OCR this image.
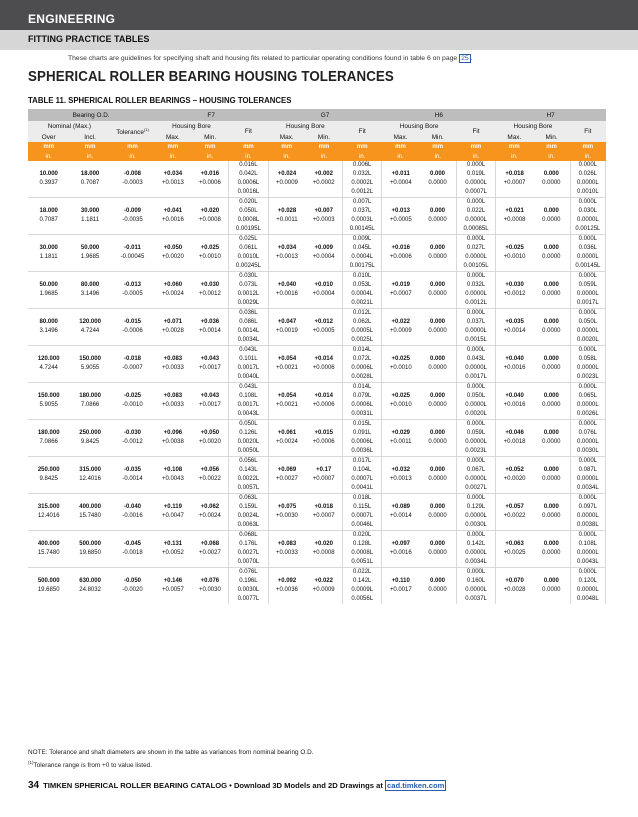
ENGINEERING
FITTING PRACTICE TABLES
These charts are guidelines for specifying shaft and housing fits related to particular operating conditions found in table 6 on page 25 .
SPHERICAL ROLLER BEARING HOUSING TOLERANCES
TABLE 11. SPHERICAL ROLLER BEARINGS – HOUSING TOLERANCES
Bearing O.D.			F7			G7			H6			H7		
Nominal (Max.)		Tolerance$^{(1)}$	Housing Bore		Fit	Housing Bore		Fit	Housing Bore		Fit	Housing Bore		Fit
Over	Incl.		Max.	Min.		Max.	Min.		Max.	Min.		Max.	Min.	
mm	mm	mm	mm	mm	mm	mm	mm	mm	mm	mm	mm	mm	mm	mm
in.	in.	in.	in.	in.	in.	in.	in.	in.	in.	in.	in.	in.	in.	in.
					0.016L			0.006L			0.000L			0.000L
10.000	18.000	-0.008	+0.034	+0.016	0.042L	+0.024	+0.002	0.032L	+0.011	0.000	0.019L	+0.018	0.000	0.026L
0.3937	0.7087	-0.0003	+0.0013	+0.0006	0.0006L	+0.0009	+0.0002	0.0002L	+0.0004	0.0000	0.0000L	+0.0007	0.0000	0.0000L
					0.0016L			0.0012L			0.0007L			0.0010L
					0.020L			0.007L			0.000L			0.000L
18.000	30.000	-0.009	+0.041	+0.020	0.050L	+0.028	+0.007	0.037L	+0.013	0.000	0.022L	+0.021	0.000	0.030L
0.7087	1.1811	-0.0035	+0.0016	+0.0008	0.0008L	+0.0011	+0.0003	0.0003L	+0.0005	0.0000	0.0000L	+0.0008	0.0000	0.0000L
					0.00195L			0.00145L			0.00085L			0.00125L
					0.025L			0.009L			0.000L			0.000L
30.000	50.000	-0.011	+0.050	+0.025	0.061L	+0.034	+0.009	0.045L	+0.016	0.000	0.027L	+0.025	0.000	0.036L
1.1811	1.9685	-0.00045	+0.0020	+0.0010	0.0010L	+0.0013	+0.0004	0.0004L	+0.0006	0.0000	0.0000L	+0.0010	0.0000	0.0000L
					0.00245L			0.00175L			0.00105L			0.00145L
					0.030L			0.010L			0.000L			0.000L
50.000	80.000	-0.013	+0.060	+0.030	0.073L	+0.040	+0.010	0.053L	+0.019	0.000	0.032L	+0.030	0.000	0.059L
1.9685	3.1496	-0.0005	+0.0024	+0.0012	0.0012L	+0.0016	+0.0004	0.0004L	+0.0007	0.0000	0.0000L	+0.0012	0.0000	0.0000L
					0.0029L			0.0021L			0.0012L			0.0017L
					0.036L			0.012L			0.000L			0.000L
80.000	120.000	-0.015	+0.071	+0.036	0.086L	+0.047	+0.012	0.062L	+0.022	0.000	0.037L	+0.035	0.000	0.050L
3.1496	4.7244	-0.0006	+0.0028	+0.0014	0.0014L	+0.0019	+0.0005	0.0005L	+0.0009	0.0000	0.0000L	+0.0014	0.0000	0.0000L
					0.0034L			0.0025L			0.0015L			0.0020L
					0.043L			0.014L			0.000L			0.000L
120.000	150.000	-0.018	+0.083	+0.043	0.101L	+0.054	+0.014	0.072L	+0.025	0.000	0.043L	+0.040	0.000	0.058L
4.7244	5.9055	-0.0007	+0.0033	+0.0017	0.0017L	+0.0021	+0.0006	0.0006L	+0.0010	0.0000	0.0000L	+0.0016	0.0000	0.0000L
					0.0040L			0.0028L			0.0017L			0.0023L
					0.043L			0.014L			0.000L			0.000L
150.000	180.000	-0.025	+0.083	+0.043	0.108L	+0.054	+0.014	0.079L	+0.025	0.000	0.050L	+0.040	0.000	0.065L
5.9055	7.0866	-0.0010	+0.0033	+0.0017	0.0017L	+0.0021	+0.0006	0.0006L	+0.0010	0.0000	0.0000L	+0.0016	0.0000	0.0000L
					0.0043L			0.0031L			0.0020L			0.0026L
					0.050L			0.015L			0.000L			0.000L
180.000	250.000	-0.030	+0.096	+0.050	0.126L	+0.061	+0.015	0.091L	+0.029	0.000	0.059L	+0.046	0.000	0.076L
7.0866	9.8425	-0.0012	+0.0038	+0.0020	0.0020L	+0.0024	+0.0006	0.0006L	+0.0011	0.0000	0.0000L	+0.0018	0.0000	0.0000L
					0.0050L			0.0036L			0.0023L			0.0030L
					0.056L			0.017L			0.000L			0.000L
250.000	315.000	-0.035	+0.108	+0.056	0.143L	+0.069	+0.17	0.104L	+0.032	0.000	0.067L	+0.052	0.000	0.087L
9.8425	12.4016	-0.0014	+0.0043	+0.0022	0.0022L	+0.0027	+0.0007	0.0007L	+0.0013	0.0000	0.0000L	+0.0020	0.0000	0.0000L
					0.0057L			0.0041L			0.0027L			0.0034L
					0.063L			0.018L			0.000L			0.000L
315.000	400.000	-0.040	+0.119	+0.062	0.159L	+0.075	+0.018	0.115L	+0.089	0.000	0.129L	+0.057	0.000	0.097L
12.4016	15.7480	-0.0016	+0.0047	+0.0024	0.0024L	+0.0030	+0.0007	0.0007L	+0.0014	0.0000	0.0000L	+0.0022	0.0000	0.0000L
					0.0063L			0.0046L			0.0030L			0.0038L
					0.068L			0.020L			0.000L			0.000L
400.000	500.000	-0.045	+0.131	+0.068	0.176L	+0.083	+0.020	0.128L	+0.097	0.000	0.142L	+0.063	0.000	0.108L
15.7480	19.6850	-0.0018	+0.0052	+0.0027	0.0027L	+0.0033	+0.0008	0.0008L	+0.0016	0.0000	0.0000L	+0.0025	0.0000	0.0000L
					0.0070L			0.0051L			0.0034L			0.0043L
					0.076L			0.022L			0.000L			0.000L
500.000	630.000	-0.050	+0.146	+0.076	0.196L	+0.092	+0.022	0.142L	+0.110	0.000	0.160L	+0.070	0.000	0.120L
19.6850	24.8032	-0.0020	+0.0057	+0.0030	0.0030L	+0.0036	+0.0009	0.0009L	+0.0017	0.0000	0.0000L	+0.0028	0.0000	0.0000L
					0.0077L			0.0056L			0.0037L			0.0048L
NOTE: Tolerance and shaft diameters are shown in the table as variances from nominal bearing O.D.
$^{(1)}$Tolerance range is from +0 to value listed.
34 TIMKEN SPHERICAL ROLLER BEARING CATALOG • Download 3D Models and 2D Drawings at cad.timken.com
